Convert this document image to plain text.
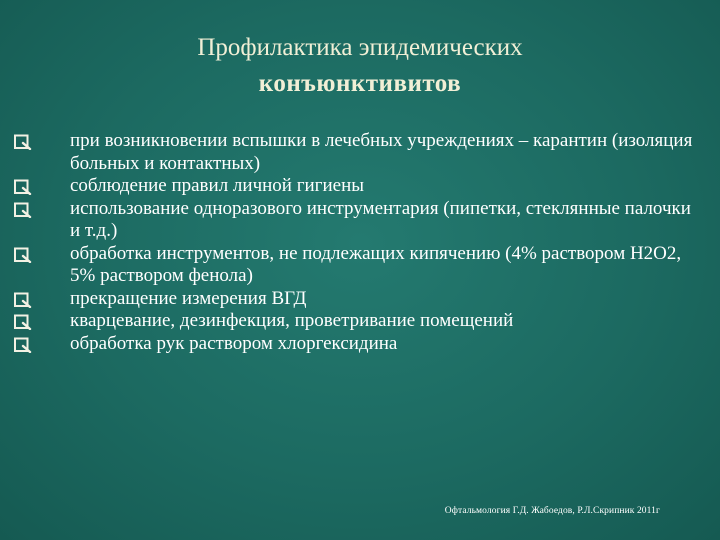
Профилактика эпидемических
конъюнктивитов
при возникновении вспышки в лечебных учреждениях – карантин (изоляция больных и контактных)
соблюдение правил личной гигиены
использование одноразового инструментария (пипетки, стеклянные палочки и т.д.)
обработка инструментов, не подлежащих кипячению (4% раствором Н2О2, 5% раствором фенола)
прекращение измерения ВГД
кварцевание, дезинфекция, проветривание помещений
обработка рук раствором хлоргексидина
Офтальмология Г.Д. Жабоедов, Р.Л.Скрипник 2011г
